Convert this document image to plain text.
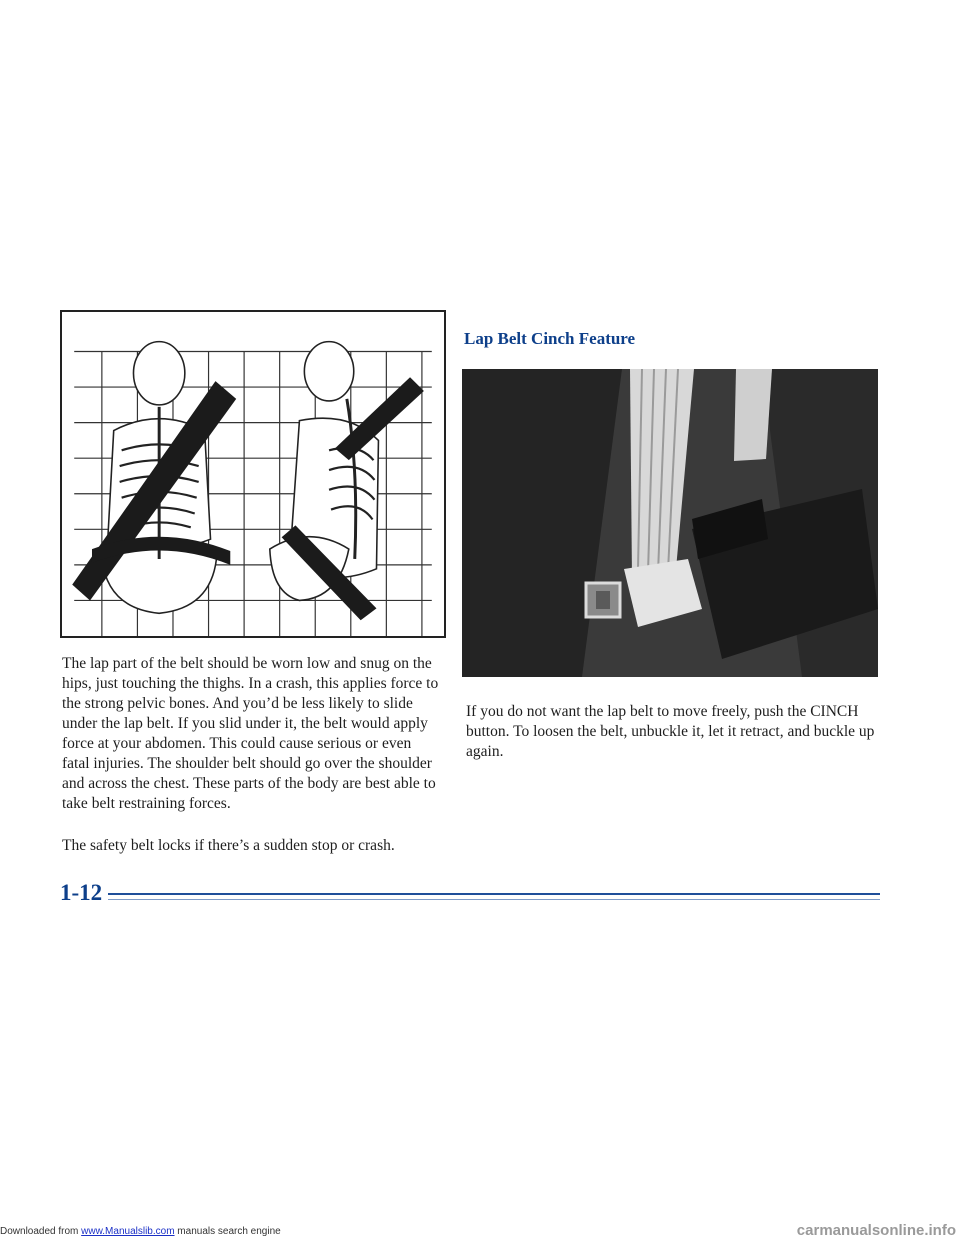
Lap Belt Cinch Feature

The lap part of the belt should be worn low and snug on the hips, just touching the thighs. In a crash, this applies force to the strong pelvic bones. And you’d be less likely to slide under the lap belt. If you slid under it, the belt would apply force at your abdomen. This could cause serious or even fatal injuries. The shoulder belt should go over the shoulder and across the chest. These parts of the body are best able to take belt restraining forces.

The safety belt locks if there’s a sudden stop or crash.

If you do not want the lap belt to move freely, push the CINCH button. To loosen the belt, unbuckle it, let it retract, and buckle up again.

1-12

Downloaded from www.Manualslib.com manuals search engine	carmanualsonline.info
